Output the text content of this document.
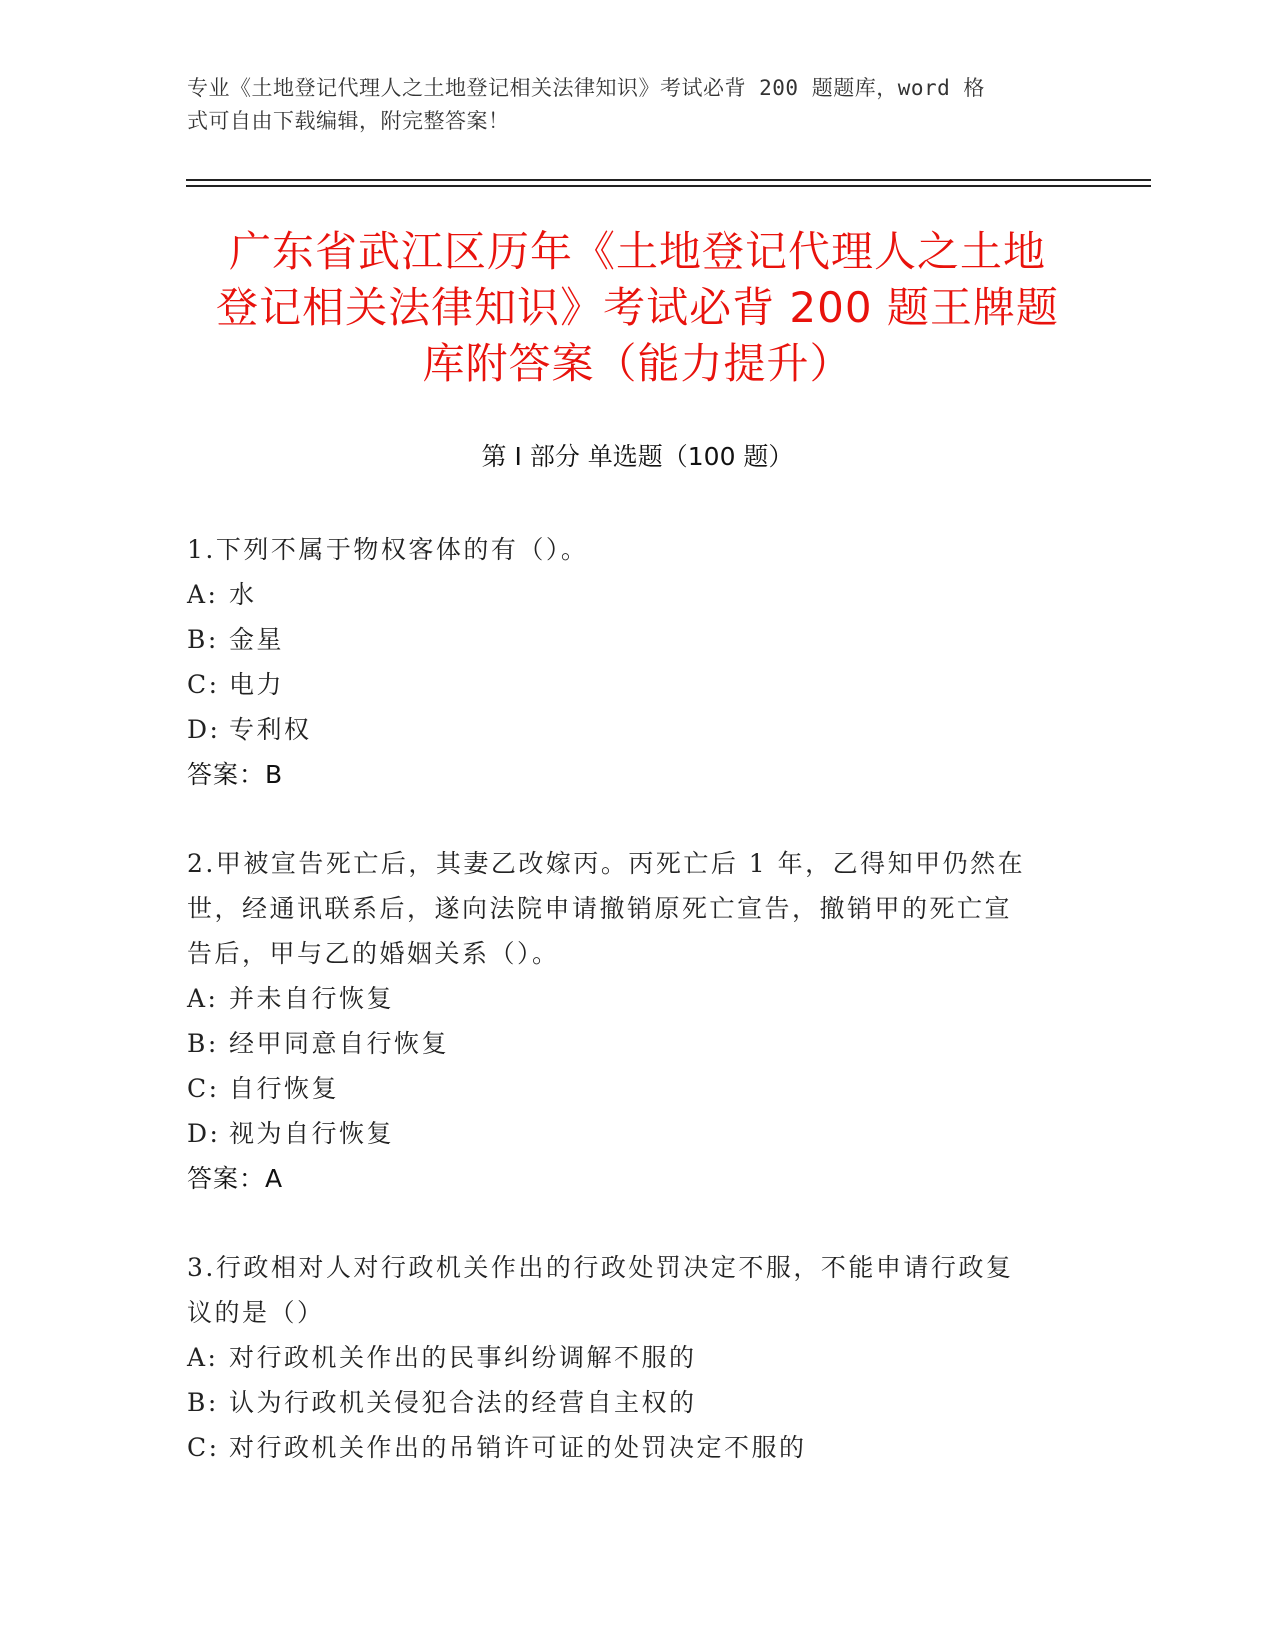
专业《土地登记代理人之土地登记相关法律知识》考试必背 200 题题库，word 格
式可自由下载编辑，附完整答案！
广东省武江区历年《土地登记代理人之土地
登记相关法律知识》考试必背 200 题王牌题
库附答案（能力提升）
第 I 部分 单选题（100 题）
1.下列不属于物权客体的有（）。
A: 水
B: 金星
C: 电力
D: 专利权
答案：B
2.甲被宣告死亡后，其妻乙改嫁丙。丙死亡后 1 年，乙得知甲仍然在
世，经通讯联系后，遂向法院申请撤销原死亡宣告，撤销甲的死亡宣
告后，甲与乙的婚姻关系（）。
A: 并未自行恢复
B: 经甲同意自行恢复
C: 自行恢复
D: 视为自行恢复
答案：A
3.行政相对人对行政机关作出的行政处罚决定不服，不能申请行政复
议的是（）
A: 对行政机关作出的民事纠纷调解不服的
B: 认为行政机关侵犯合法的经营自主权的
C: 对行政机关作出的吊销许可证的处罚决定不服的
